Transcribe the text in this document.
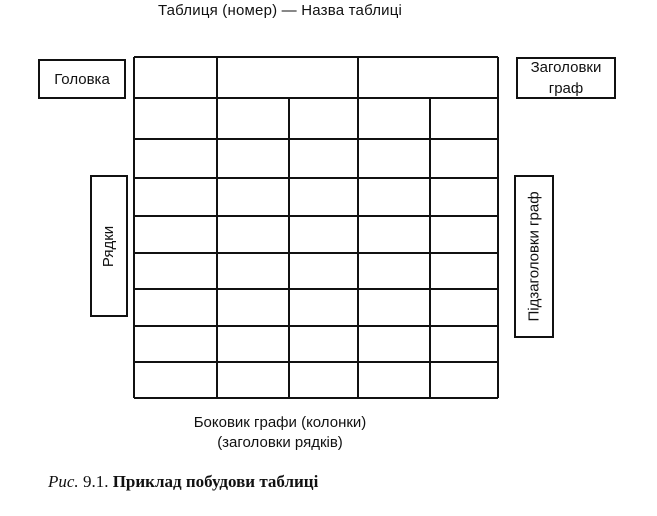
Таблиця (номер) — Назва таблиці
Головка
Заголовки
граф
Рядки	Підзаголовки граф
Боковик графи (колонки)
(заголовки рядків)
Рис. 9.1. Приклад побудови таблиці
